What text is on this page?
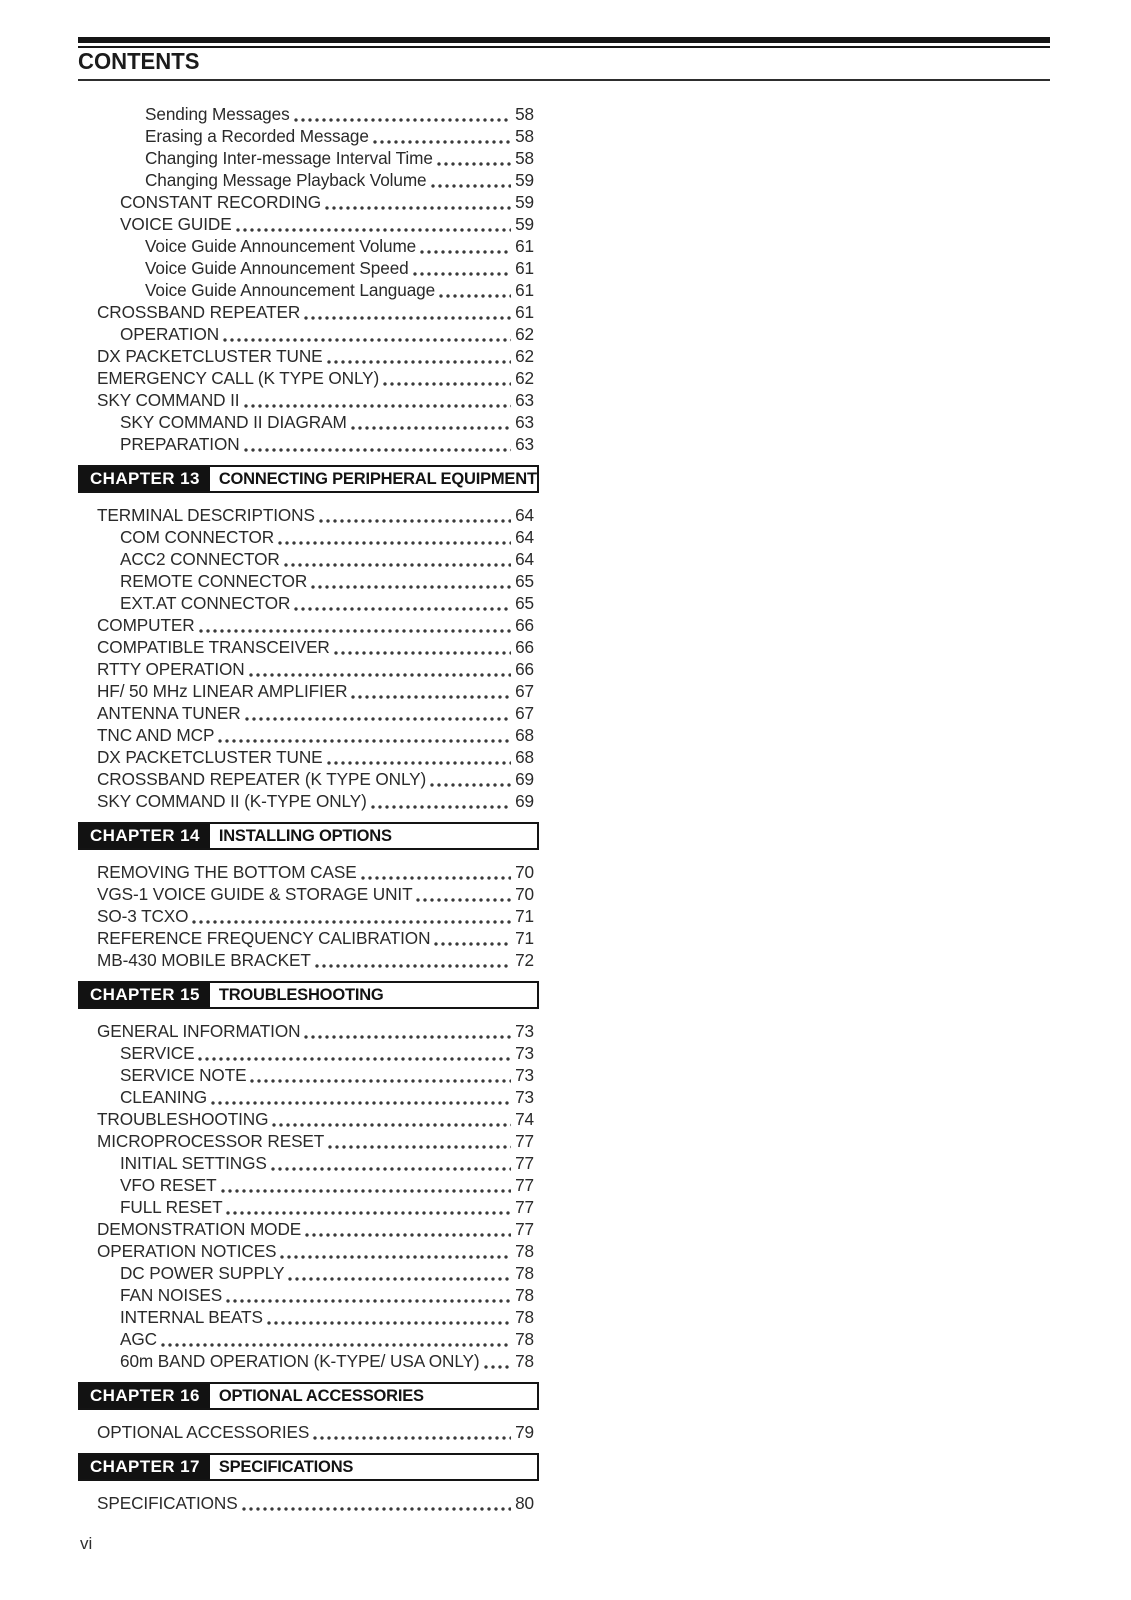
CONTENTS
Sending Messages	58
Erasing a Recorded Message	58
Changing Inter-message Interval Time	58
Changing Message Playback Volume	59
CONSTANT RECORDING	59
VOICE GUIDE	59
Voice Guide Announcement Volume	61
Voice Guide Announcement Speed	61
Voice Guide Announcement Language	61
CROSSBAND REPEATER	61
OPERATION	62
DX PACKETCLUSTER TUNE	62
EMERGENCY CALL (K TYPE ONLY)	62
SKY COMMAND II	63
SKY COMMAND II DIAGRAM	63
PREPARATION	63
CHAPTER 13	CONNECTING PERIPHERAL EQUIPMENT
TERMINAL DESCRIPTIONS	64
COM CONNECTOR	64
ACC2 CONNECTOR	64
REMOTE CONNECTOR	65
EXT.AT CONNECTOR	65
COMPUTER	66
COMPATIBLE TRANSCEIVER	66
RTTY OPERATION	66
HF/ 50 MHz LINEAR AMPLIFIER	67
ANTENNA TUNER	67
TNC AND MCP	68
DX PACKETCLUSTER TUNE	68
CROSSBAND REPEATER (K TYPE ONLY)	69
SKY COMMAND II (K-TYPE ONLY)	69
CHAPTER 14	INSTALLING OPTIONS
REMOVING THE BOTTOM CASE	70
VGS-1 VOICE GUIDE & STORAGE UNIT	70
SO-3 TCXO	71
REFERENCE FREQUENCY CALIBRATION	71
MB-430 MOBILE BRACKET	72
CHAPTER 15	TROUBLESHOOTING
GENERAL INFORMATION	73
SERVICE	73
SERVICE NOTE	73
CLEANING	73
TROUBLESHOOTING	74
MICROPROCESSOR RESET	77
INITIAL SETTINGS	77
VFO RESET	77
FULL RESET	77
DEMONSTRATION MODE	77
OPERATION NOTICES	78
DC POWER SUPPLY	78
FAN NOISES	78
INTERNAL BEATS	78
AGC	78
60m BAND OPERATION (K-TYPE/ USA ONLY) 78
CHAPTER 16	OPTIONAL ACCESSORIES
OPTIONAL ACCESSORIES	79
CHAPTER 17	SPECIFICATIONS
SPECIFICATIONS	80
vi
